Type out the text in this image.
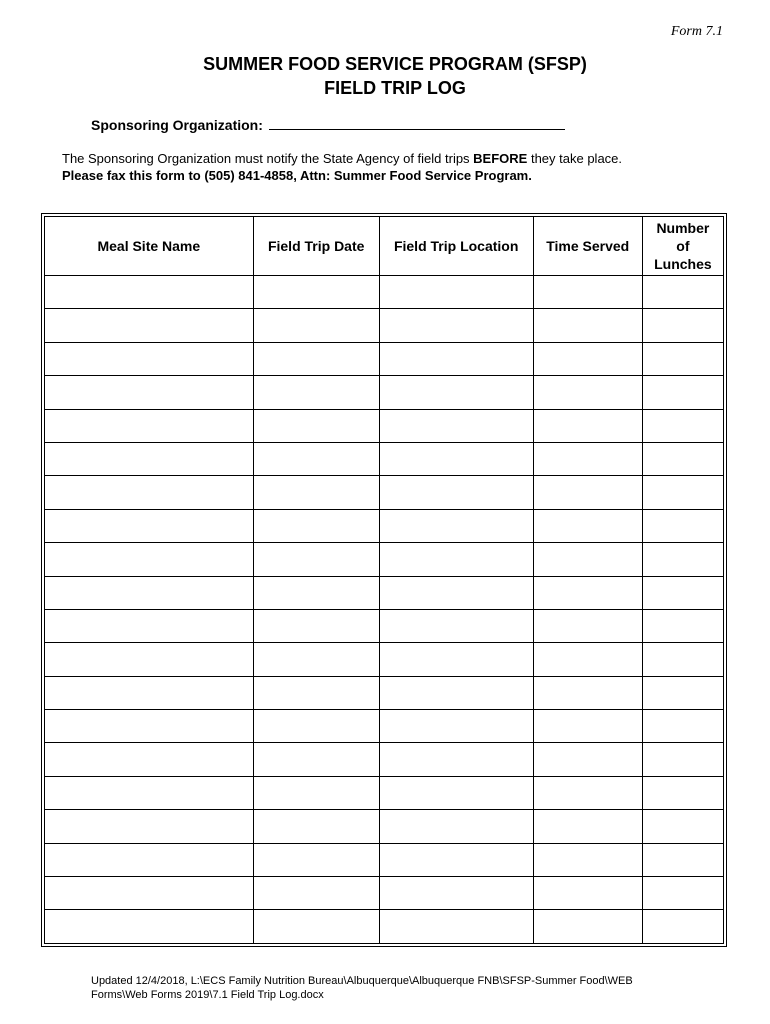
Form 7.1
SUMMER FOOD SERVICE PROGRAM (SFSP)
FIELD TRIP LOG
Sponsoring Organization:
The Sponsoring Organization must notify the State Agency of field trips BEFORE they take place.
Please fax this form to (505) 841-4858, Attn: Summer Food Service Program.
Meal Site Name	Field Trip Date	Field Trip Location	Time Served	Number of Lunches

Updated 12/4/2018, L:\ECS Family Nutrition Bureau\Albuquerque\Albuquerque FNB\SFSP-Summer Food\WEB
Forms\Web Forms 2019\7.1 Field Trip Log.docx
